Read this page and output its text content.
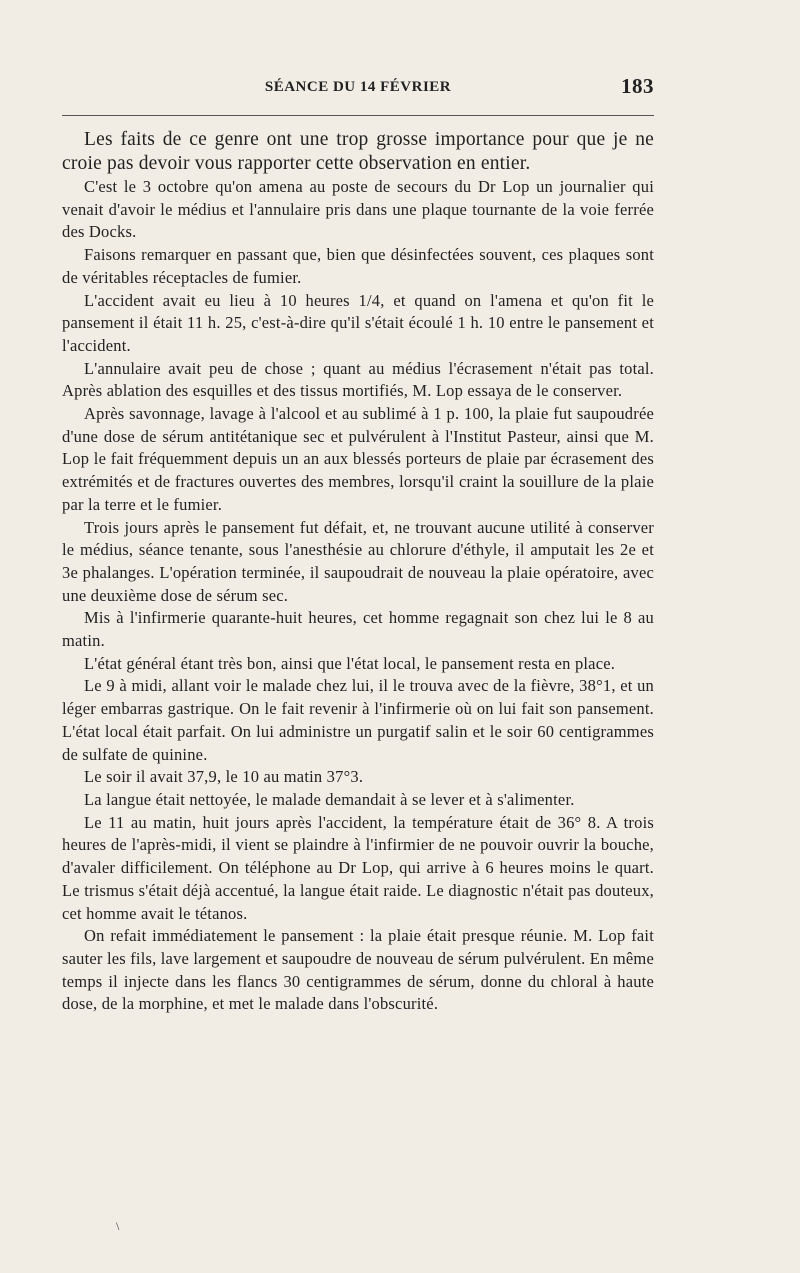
SÉANCE DU 14 FÉVRIER	183

Les faits de ce genre ont une trop grosse importance pour que je ne croie pas devoir vous rapporter cette observation en entier.

C'est le 3 octobre qu'on amena au poste de secours du Dr Lop un journalier qui venait d'avoir le médius et l'annulaire pris dans une plaque tournante de la voie ferrée des Docks.

Faisons remarquer en passant que, bien que désinfectées souvent, ces plaques sont de véritables réceptacles de fumier.

L'accident avait eu lieu à 10 heures 1/4, et quand on l'amena et qu'on fit le pansement il était 11 h. 25, c'est-à-dire qu'il s'était écoulé 1 h. 10 entre le pansement et l'accident.

L'annulaire avait peu de chose ; quant au médius l'écrasement n'était pas total. Après ablation des esquilles et des tissus mortifiés, M. Lop essaya de le conserver.

Après savonnage, lavage à l'alcool et au sublimé à 1 p. 100, la plaie fut saupoudrée d'une dose de sérum antitétanique sec et pulvérulent à l'Institut Pasteur, ainsi que M. Lop le fait fréquemment depuis un an aux blessés porteurs de plaie par écrasement des extrémités et de fractures ouvertes des membres, lorsqu'il craint la souillure de la plaie par la terre et le fumier.

Trois jours après le pansement fut défait, et, ne trouvant aucune utilité à conserver le médius, séance tenante, sous l'anesthésie au chlorure d'éthyle, il amputait les 2e et 3e phalanges. L'opération terminée, il saupoudrait de nouveau la plaie opératoire, avec une deuxième dose de sérum sec.

Mis à l'infirmerie quarante-huit heures, cet homme regagnait son chez lui le 8 au matin.

L'état général étant très bon, ainsi que l'état local, le pansement resta en place.

Le 9 à midi, allant voir le malade chez lui, il le trouva avec de la fièvre, 38°1, et un léger embarras gastrique. On le fait revenir à l'infirmerie où on lui fait son pansement. L'état local était parfait. On lui administre un purgatif salin et le soir 60 centigrammes de sulfate de quinine.

Le soir il avait 37,9, le 10 au matin 37°3.

La langue était nettoyée, le malade demandait à se lever et à s'alimenter.

Le 11 au matin, huit jours après l'accident, la température était de 36° 8. A trois heures de l'après-midi, il vient se plaindre à l'infirmier de ne pouvoir ouvrir la bouche, d'avaler difficilement. On téléphone au Dr Lop, qui arrive à 6 heures moins le quart. Le trismus s'était déjà accentué, la langue était raide. Le diagnostic n'était pas douteux, cet homme avait le tétanos.

On refait immédiatement le pansement : la plaie était presque réunie. M. Lop fait sauter les fils, lave largement et saupoudre de nouveau de sérum pulvérulent. En même temps il injecte dans les flancs 30 centigrammes de sérum, donne du chloral à haute dose, de la morphine, et met le malade dans l'obscurité.

\
